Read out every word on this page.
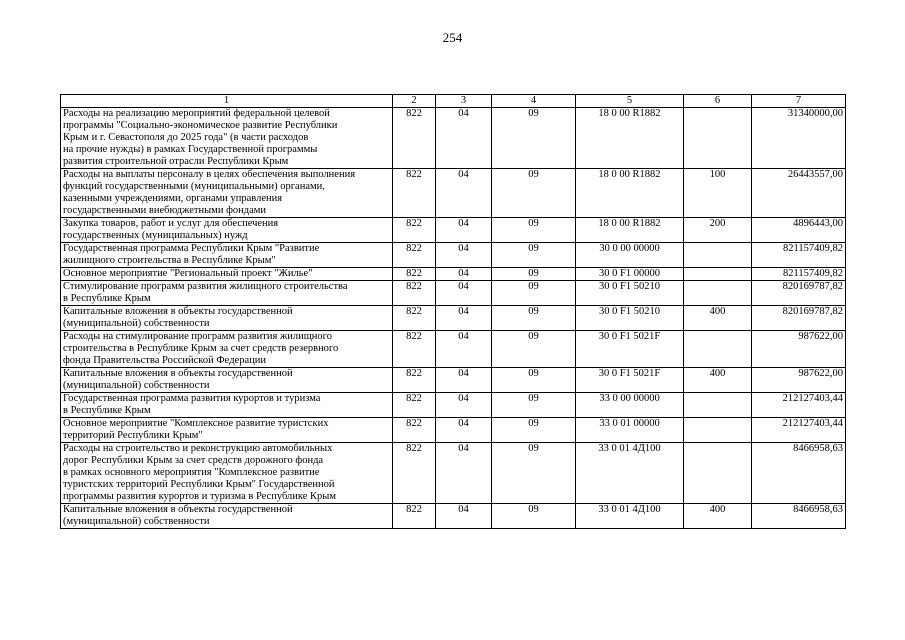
254
1	2	3	4	5	6	7
Расходы на реализацию мероприятий федеральной целевой
программы "Социально-экономическое развитие Республики
Крым и г. Севастополя до 2025 года" (в части расходов
на прочие нужды) в рамках Государственной программы
развития строительной отрасли Республики Крым	822	04	09	18 0 00 R1882		31340000,00
Расходы на выплаты персоналу в целях обеспечения выполнения
функций государственными (муниципальными) органами,
казенными учреждениями, органами управления
государственными внебюджетными фондами	822	04	09	18 0 00 R1882	100	26443557,00
Закупка товаров, работ и услуг для обеспечения
государственных (муниципальных) нужд	822	04	09	18 0 00 R1882	200	4896443,00
Государственная программа Республики Крым "Развитие
жилищного строительства в Республике Крым"	822	04	09	30 0 00 00000		821157409,82
Основное мероприятие "Региональный проект "Жилье"	822	04	09	30 0 F1 00000		821157409,82
Стимулирование программ развития жилищного строительства
в Республике Крым	822	04	09	30 0 F1 50210		820169787,82
Капитальные вложения в объекты государственной
(муниципальной) собственности	822	04	09	30 0 F1 50210	400	820169787,82
Расходы на стимулирование программ развития жилищного
строительства в Республике Крым за счет средств резервного
фонда Правительства Российской Федерации	822	04	09	30 0 F1 5021F		987622,00
Капитальные вложения в объекты государственной
(муниципальной) собственности	822	04	09	30 0 F1 5021F	400	987622,00
Государственная программа развития курортов и туризма
в Республике Крым	822	04	09	33 0 00 00000		212127403,44
Основное мероприятие "Комплексное развитие туристских
территорий Республики Крым"	822	04	09	33 0 01 00000		212127403,44
Расходы на строительство и реконструкцию автомобильных
дорог Республики Крым за счет средств дорожного фонда
в рамках основного мероприятия "Комплексное развитие
туристских территорий Республики Крым" Государственной
программы развития курортов и туризма в Республике Крым	822	04	09	33 0 01 4Д100		8466958,63
Капитальные вложения в объекты государственной
(муниципальной) собственности	822	04	09	33 0 01 4Д100	400	8466958,63
